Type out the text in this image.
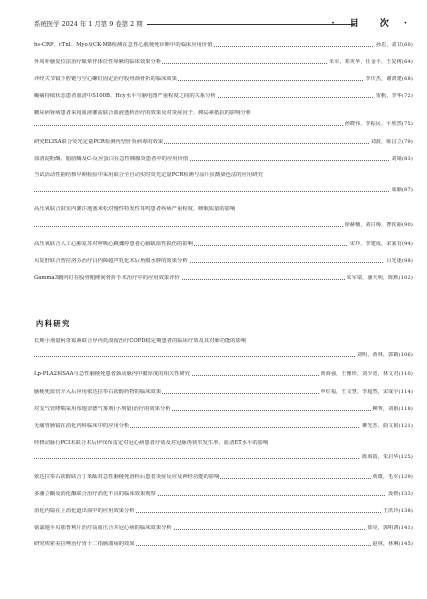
系统医学 2024 年 1 月第 9 卷第 2 期	· 目　次 ·
hs-CRP、cTnI、Myo及CK-MB检测在急性心肌梗死诊断中的临床应用价值	孙思，刘甘(60)
外周补脑复位法治疗眩晕伴体位性晕厥的临床效果分析	朱军，邓英华，任金平，王复树(64)
评经关节镜下腔链与空心螺钉固定治疗股骨颈骨折的临床效果	李庆杰，谢鸿建(68)
癫痫持续状态患者血清中S100B、Hcy水平与脑电图严重程度之间的关系分析	贺帆，李华(72)
糖尿病肾病患者采用血液灌流联合血液透析治疗的效果及对炎症因子、胰岛素抵抗的影响分析
孙晓伟，李振民，平欣然(75)
研究ELISA联合荧光定量PCR检测丙型肝炎病毒的效果	刘波，陈昌立(79)
血清淀粉酶、脂肪酶及C-反应蛋白在急性胰腺炎患者中的应用价值	刘婧(83)
当试活动性抽结核早期检验中采用联合全自动实时荧光定量PCR检测与涂片抗酸染色法的应用研究
成颖(87)
高压氧联合鼓室内灌注地塞米松对慢性特发性耳鸣患者疾病严重程度、睡眠质量的影响
徐赫楠，刘白梅，曹钦丽(90)
高压氧联合人工心肺复苏对呼吸心跳骤停患者心脑缺血性损伤的影响	宋玲，李建成，宋家有(94)
贝复舒联合普拉洛芬治疗白内障超声乳化术后角膜水肿的效果分析	吕光迷(98)
Gamma3髓内钉在股骨粗隆间骨折手术治疗中的应用效果评价	朱军瑞，潘天明，陈默(102)
内科研究
长期小剂量阿奇霉素联合异丙托溴铵治疗COPD稳定期患者的临床疗效及其对肺功能的影响
刘明，黄林，郭鹤(106)
Lp-PLA2和SAA与急性脑梗死患者颈动脉内中膜厚度的相关性研究	黄海强，王雅珍，刘少宽，林文君(110)
脑梗死血管介入后应用依达拉奉右莰醇药物的临床效果	申红福，王文慧，李超然，宋成宇(114)
对支气管哮喘采用布地奈德气雾剂(小剂量)治疗的效果分析	柳秀，刘娟(118)
无痛胃肠镜在消化内科临床中的应用分析	柳光杰，曲文娟(121)
经桡动脉行PCI术联合术后伊伐布雷定对冠心病患者疗效及对冠脉再狭窄发生率、血清ET水平的影响
陈海霞，朱启华(125)
依达拉奉右莰醇联合丁苯酞对急性脑梗死溶栓后患者炎症反应及神经功能的影响	黄微，毛军(129)
多潘立酮及消化酶联合治疗消化不良的临床效果观察	汲媛(133)
消化内镜在上消化道出血中的应用效果分析	王洪玲(138)
氨氯地平贝那普利片治疗高血压合并冠心病的临床效果分析	徐亮，郭明鸿(141)
研究埃索美拉唑治疗胃十二指肠溃疡的效果	赵林，林琳(145)
